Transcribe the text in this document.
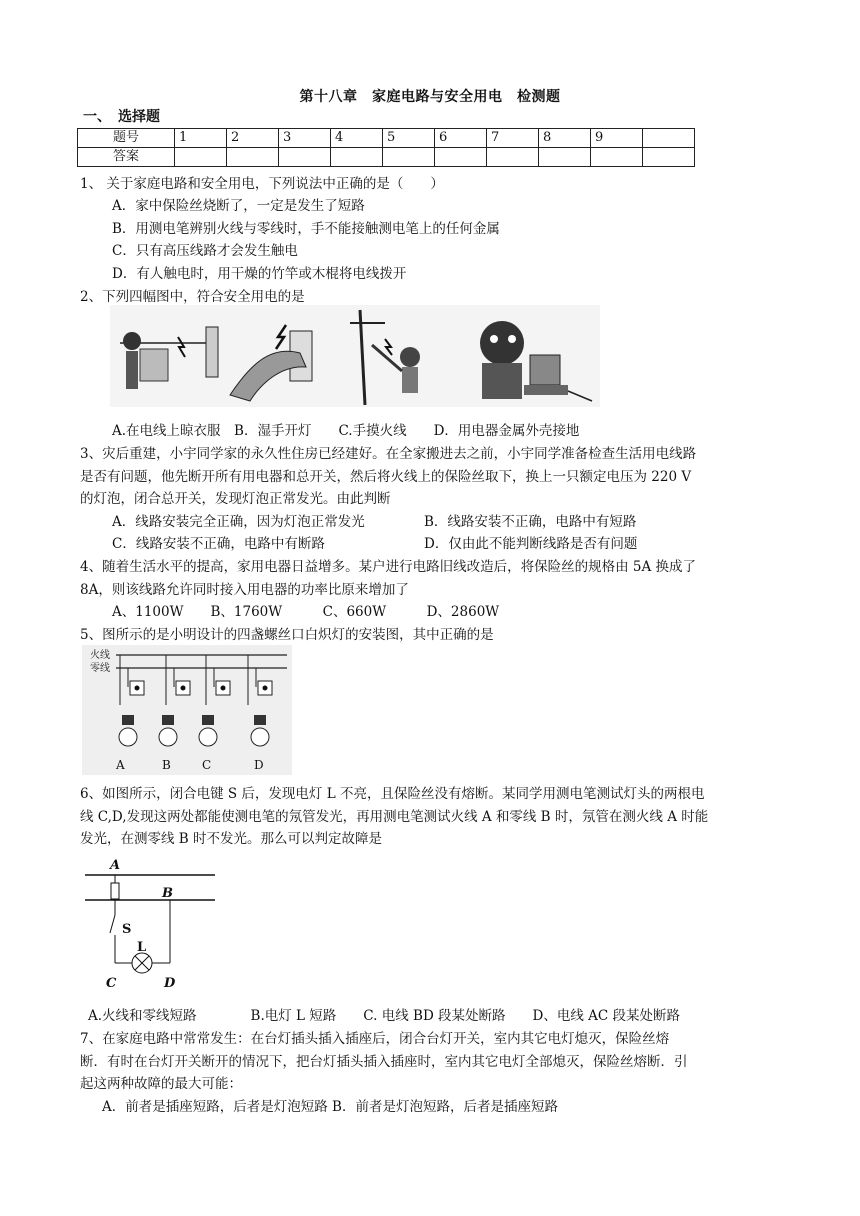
第十八章　家庭电路与安全用电　检测题
一、　选择题
题号	1	2	3	4	5	6	7	8	9	
答案										
1、 关于家庭电路和安全用电，下列说法中正确的是（　　）
A．家中保险丝烧断了，一定是发生了短路
B．用测电笔辨别火线与零线时，手不能接触测电笔上的任何金属
C．只有高压线路才会发生触电
D．有人触电时，用干燥的竹竿或木棍将电线拨开
2、下列四幅图中，符合安全用电的是
A.在电线上晾衣服　B．湿手开灯　　C.手摸火线　　D．用电器金属外壳接地
3、灾后重建，小宇同学家的永久性住房已经建好。在全家搬进去之前，小宇同学准备检查生活用电线路
是否有问题，他先断开所有用电器和总开关，然后将火线上的保险丝取下，换上一只额定电压为 220 V
的灯泡，闭合总开关，发现灯泡正常发光。由此判断
A．线路安装完全正确，因为灯泡正常发光	B．线路安装不正确，电路中有短路
C．线路安装不正确，电路中有断路	D．仅由此不能判断线路是否有问题
4、随着生活水平的提高，家用电器日益增多。某户进行电路旧线改造后，将保险丝的规格由 5A 换成了
8A，则该线路允许同时接入用电器的功率比原来增加了
A、1100W　　B、1760W　　　C、660W　　　D、2860W
5、图所示的是小明设计的四盏螺丝口白炽灯的安装图，其中正确的是
火线
零线
A	B	C	D
6、如图所示，闭合电键 S 后，发现电灯 L 不亮，且保险丝没有熔断。某同学用测电笔测试灯头的两根电
线 C,D,发现这两处都能使测电笔的氖管发光，再用测电笔测试火线 A 和零线 B 时，氖管在测火线 A 时能
发光，在测零线 B 时不发光。那么可以判定故障是
A
B
S
L
C	D
A.火线和零线短路　　　　B.电灯 L 短路　　C. 电线 BD 段某处断路　　D、电线 AC 段某处断路
7、在家庭电路中常常发生：在台灯插头插入插座后，闭合台灯开关，室内其它电灯熄灭，保险丝熔
断．有时在台灯开关断开的情况下，把台灯插头插入插座时，室内其它电灯全部熄灭，保险丝熔断．引
起这两种故障的最大可能：
A．前者是插座短路，后者是灯泡短路 B．前者是灯泡短路，后者是插座短路
